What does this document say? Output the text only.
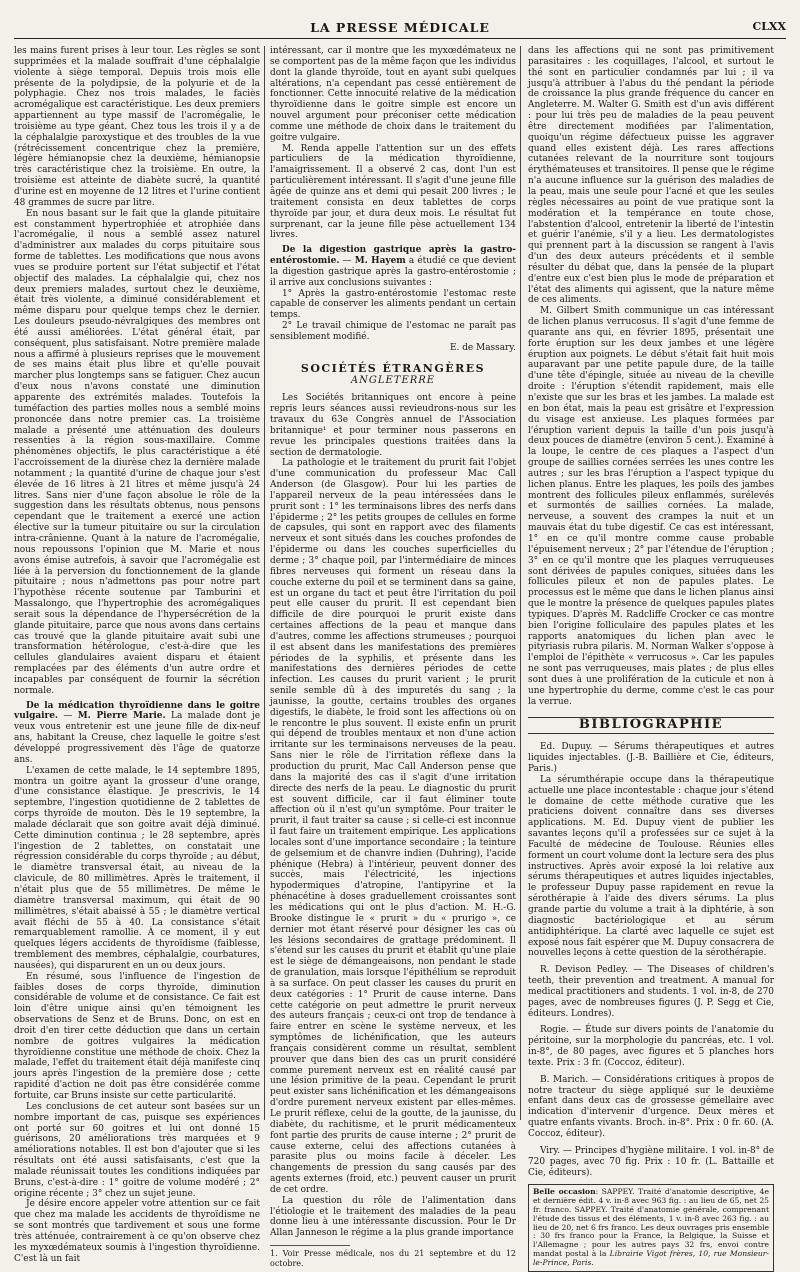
LA PRESSE MÉDICALE	CLXX

les mains furent prises à leur tour. Les règles se sont supprimées et la malade souffrait d'une céphalalgie violente à siège temporal. Depuis trois mois elle présente de la polydipsie, de la polyurie et de la polyphagie. Chez nos trois malades, le faciès acromégalique est caractéristique. Les deux premiers appartiennent au type massif de l'acromégalie, le troisième au type géant. Chez tous les trois il y a de la céphalalgie paroxystique et des troubles de la vue (rétrécissement concentrique chez la première, légère hémianopsie chez la deuxième, hémianopsie très caractéristique chez la troisième. En outre, la troisième est atteinte de diabète sucré, la quantité d'urine est en moyenne de 12 litres et l'urine contient 48 grammes de sucre par litre.

En nous basant sur le fait que la glande pituitaire est constamment hypertrophiée et atrophiée dans l'acromégalie, il nous a semblé assez naturel d'administrer aux malades du corps pituitaire sous forme de tablettes. Les modifications que nous avons vues se produire portent sur l'état subjectif et l'état objectif des malades. La céphalalgie qui, chez nos deux premiers malades, surtout chez le deuxième, était très violente, a diminué considérablement et même disparu pour quelque temps chez le dernier. Les douleurs pseudo-névralgiques des membres ont été aussi améliorées. L'état général était, par conséquent, plus satisfaisant. Notre première malade nous a affirmé à plusieurs reprises que le mouvement de ses mains était plus libre et qu'elle pouvait marcher plus longtemps sans se fatiguer. Chez aucun d'eux nous n'avons constaté une diminution apparente des extrémités malades. Toutefois la tuméfaction des parties molles nous a semblé moins prononcée dans notre premier cas. La troisième malade a présenté une atténuation des douleurs ressenties à la région sous-maxillaire. Comme phénomènes objectifs, le plus caractéristique a été l'accroissement de la diurèse chez la dernière malade notamment ; la quantité d'urine de chaque jour s'est élevée de 16 litres à 21 litres et même jusqu'à 24 litres. Sans nier d'une façon absolue le rôle de la suggestion dans les résultats obtenus, nous pensons cependant que le traitement a exercé une action élective sur la tumeur pituitaire ou sur la circulation intra-crânienne. Quant à la nature de l'acromégalie, nous repoussons l'opinion que M. Marie et nous avons émise autrefois, à savoir que l'acromégalie est liée à la perversion du fonctionnement de la glande pituitaire ; nous n'admettons pas pour notre part l'hypothèse récente soutenue par Tamburini et Massalongo, que l'hypertrophie des acromégaliques serait sous la dépendance de l'hypersécrétion de la glande pituitaire, parce que nous avons dans certains cas trouvé que la glande pituitaire avait subi une transformation hétérologue, c'est-à-dire que les cellules glandulaires avaient disparu et étaient remplacées par des éléments d'un autre ordre et incapables par conséquent de fournir la sécrétion normale.

De la médication thyroïdienne dans le goitre vulgaire. — M. Pierre Marie. La malade dont je veux vous entretenir est une jeune fille de dix-neuf ans, habitant la Creuse, chez laquelle le goitre s'est développé progressivement dès l'âge de quatorze ans.

L'examen de cette malade, le 14 septembre 1895, montra un goitre ayant la grosseur d'une orange, d'une consistance élastique. Je prescrivis, le 14 septembre, l'ingestion quotidienne de 2 tablettes de corps thyroïde de mouton. Dès le 19 septembre, la malade déclarait que son goitre avait déjà diminué. Cette diminution continua ; le 28 septembre, après l'ingestion de 2 tablettes, on constatait une régression considérable du corps thyroïde ; au début, le diamètre transversal était, au niveau de la clavicule, de 80 millimètres. Après le traitement, il n'était plus que de 55 millimètres. De même le diamètre transversal maximum, qui était de 90 millimètres, s'était abaissé à 55 ; le diamètre vertical avait fléchi de 55 à 40. La consistance s'était remarquablement ramollie. À ce moment, il y eut quelques légers accidents de thyroïdisme (faiblesse, tremblement des membres, céphalalgie, courbatures, nausées), qui disparurent en un ou deux jours.

En résumé, sous l'influence de l'ingestion de faibles doses de corps thyroïde, diminution considérable de volume et de consistance. Ce fait est loin d'être unique ainsi qu'en témoignent les observations de Senz et de Bruns. Donc, on est en droit d'en tirer cette déduction que dans un certain nombre de goitres vulgaires la médication thyroïdienne constitue une méthode de choix. Chez la malade, l'effet du traitement était déjà manifeste cinq jours après l'ingestion de la première dose ; cette rapidité d'action ne doit pas être considérée comme fortuite, car Bruns insiste sur cette particularité.

Les conclusions de cet auteur sont basées sur un nombre important de cas, puisque ses expériences ont porté sur 60 goitres et lui ont donné 15 guérisons, 20 améliorations très marquées et 9 améliorations notables. Il est bon d'ajouter que si les résultats ont été aussi satisfaisants, c'est que la malade réunissait toutes les conditions indiquées par Bruns, c'est-à-dire : 1° goitre de volume modéré ; 2° origine récente ; 3° chez un sujet jeune.

Je désire encore appeler votre attention sur ce fait que chez ma malade les accidents de thyroïdisme ne se sont montrés que tardivement et sous une forme très atténuée, contrairement à ce qu'on observe chez les myxœdémateux soumis à l'ingestion thyroïdienne. C'est là un fait

intéressant, car il montre que les myxœdémateux ne se comportent pas de la même façon que les individus dont la glande thyroïde, tout en ayant subi quelques altérations, n'a cependant pas cessé entièrement de fonctionner. Cette innocuité relative de la médication thyroïdienne dans le goitre simple est encore un nouvel argument pour préconiser cette médication comme une méthode de choix dans le traitement du goitre vulgaire.

M. Renda appelle l'attention sur un des effets particuliers de la médication thyroïdienne, l'amaigrissement. Il a observé 2 cas, dont l'un est particulièrement intéressant. Il s'agit d'une jeune fille âgée de quinze ans et demi qui pesait 200 livres ; le traitement consista en deux tablettes de corps thyroïde par jour, et dura deux mois. Le résultat fut surprenant, car la jeune fille pèse actuellement 134 livres.

De la digestion gastrique après la gastro-entérostomie. — M. Hayem a étudié ce que devient la digestion gastrique après la gastro-entérostomie ; il arrive aux conclusions suivantes :

1° Après la gastro-entérostomie l'estomac reste capable de conserver les aliments pendant un certain temps.

2° Le travail chimique de l'estomac ne paraît pas sensiblement modifié.

E. de Massary.

SOCIÉTÉS ÉTRANGÈRES
ANGLETERRE

Les Sociétés britanniques ont encore à peine repris leurs séances aussi revieudrons-nous sur les travaux du 63e Congrès annuel de l'Association britannique¹ et pour terminer nous passerons en revue les principales questions traitées dans la section de dermatologie.

La pathologie et le traitement du prurit fait l'objet d'une communication du professeur Mac Call Anderson (de Glasgow). Pour lui les parties de l'appareil nerveux de la peau intéressées dans le prurit sont : 1° les terminaisons libres des nerfs dans l'épiderme ; 2° les petits groupes de cellules en forme de capsules, qui sont en rapport avec des filaments nerveux et sont situés dans les couches profondes de l'épiderme ou dans les couches superficielles du derme ; 3° chaque poil, par l'intermédiaire de minces fibres nerveuses qui forment un réseau dans la couche externe du poil et se terminent dans sa gaine, est un organe du tact et peut être l'irritation du poil peut elle causer du prurit. Il est cependant bien difficile de dire pourquoi le prurit existe dans certaines affections de la peau et manque dans d'autres, comme les affections strumeuses ; pourquoi il est absent dans les manifestations des premières périodes de la syphilis, et présente dans les manifestations des dernières périodes de cette infection. Les causes du prurit varient ; le prurit senile semble dû à des impuretés du sang ; la jaunisse, la goutte, certains troubles des organes digestifs, le diabète, le froid sont les affections où on le rencontre le plus souvent. Il existe enfin un prurit qui dépend de troubles mentaux et non d'une action irritante sur les terminaisons nerveuses de la peau. Sans nier le rôle de l'irritation réflexe dans la production du prurit, Mac Call Anderson pense que dans la majorité des cas il s'agit d'une irritation directe des nerfs de la peau. Le diagnostic du prurit est souvent difficile, car il faut éliminer toute affection où il n'est qu'un symptôme. Pour traiter le prurit, il faut traiter sa cause ; si celle-ci est inconnue il faut faire un traitement empirique. Les applications locales sont d'une importance secondaire ; la teinture de gelsemium et de chanvre indien (Duhring), l'acide phénique (Hebra) à l'intérieur, peuvent donner des succès, mais l'électricité, les injections hypodermiques d'atropine, l'antipyrine et la phénacétine à doses graduellement croissantes sont les médications qui ont le plus d'action. M. H.-G. Brooke distingue le « prurit » du « prurigo », ce dernier mot étant réservé pour désigner les cas où les lésions secondaires de grattage prédominent. Il s'étend sur les causes du prurit et établit qu'une plaie est le siège de démangeaisons, non pendant le stade de granulation, mais lorsque l'épithélium se reproduit à sa surface. On peut classer les causes du prurit en deux catégories : 1° Prurit de cause interne. Dans cette catégorie on peut admettre le prurit nerveux des auteurs français ; ceux-ci ont trop de tendance à faire entrer en scène le système nerveux, et les symptômes de lichénification, que les auteurs français considèrent comme un résultat, semblent prouver que dans bien des cas un prurit considéré comme purement nerveux est en réalité causé par une lésion primitive de la peau. Cependant le prurit peut exister sans lichénification et les démangeaisons d'ordre purement nerveux existent par elles-mêmes. Le prurit réflexe, celui de la goutte, de la jaunisse, du diabète, du rachitisme, et le prurit médicamenteux font partie des prurits de cause interne ; 2° prurit de cause externe, celui des affections cutanées à parasite plus ou moins facile à déceler. Les changements de pression du sang causés par des agents externes (froid, etc.) peuvent causer un prurit de cet ordre.

La question du rôle de l'alimentation dans l'étiologie et le traitement des maladies de la peau donne lieu à une intéressante discussion. Pour le Dr Allan Janneson le régime a la plus grande importance

1. Voir Presse médicale, nos du 21 septembre et du 12 octobre.

dans les affections qui ne sont pas primitivement parasitaires : les coquillages, l'alcool, et surtout le thé sont en particulier condamnés par lui ; il va jusqu'à attribuer à l'abus du thé pendant la période de croissance la plus grande fréquence du cancer en Angleterre. M. Walter G. Smith est d'un avis différent : pour lui très peu de maladies de la peau peuvent être directement modifiées par l'alimentation, quoiqu'un régime défectueux puisse les aggraver quand elles existent déjà. Les rares affections cutanées relevant de la nourriture sont toujours érythémateuses et transitoires. Il pense que le régime n'a aucune influence sur la guérison des maladies de la peau, mais une seule pour l'acné et que les seules règles nécessaires au point de vue pratique sont la modération et la tempérance en toute chose, l'abstention d'alcool, entretenir la liberté de l'intestin et guérir l'anémie, s'il y a lieu. Les dermatologistes qui prennent part à la discussion se rangent à l'avis d'un des deux auteurs précédents et il semble résulter du débat que, dans la pensée de la plupart d'entre eux c'est bien plus le mode de préparation et l'état des aliments qui agissent, que la nature même de ces aliments.

M. Gilbert Smith communique un cas intéressant de lichen planus verrucosus. Il s'agit d'une femme de quarante ans qui, en février 1895, présentait une forte éruption sur les deux jambes et une légère éruption aux poignets. Le début s'était fait huit mois auparavant par une petite papule dure, de la taille d'une tête d'épingle, située au niveau de la cheville droite : l'éruption s'étendit rapidement, mais elle n'existe que sur les bras et les jambes. La malade est en bon état, mais la peau est grisâtre et l'expression du visage est anxieuse. Les plaques formées par l'éruption varient depuis la taille d'un pois jusqu'à deux pouces de diamètre (environ 5 cent.). Examiné à la loupe, le centre de ces plaques a l'aspect d'un groupe de saillies cornées serrées les unes contre les autres ; sur les bras l'éruption a l'aspect typique du lichen planus. Entre les plaques, les poils des jambes montrent des follicules pileux enflammés, surélevés et surmontés de saillies cornées. La malade, nerveuse, a souvent des crampes la nuit et un mauvais état du tube digestif. Ce cas est intéressant, 1° en ce qu'il montre comme cause probable l'épuisement nerveux ; 2° par l'étendue de l'éruption ; 3° en ce qu'il montre que les plaques verruqueuses sont dérivées de papules coniques, situées dans les follicules pileux et non de papules plates. Le processus est le même que dans le lichen planus ainsi que le montre la présence de quelques papules plates typiques. D'après M. Radcliffe Crocker ce cas montre bien l'origine folliculaire des papules plates et les rapports anatomiques du lichen plan avec le pityriasis rubra pilaris. M. Norman Walker s'oppose à l'emploi de l'épithète « verrucosus ». Car les papules ne sont pas verruqueuses, mais plates ; de plus elles sont dues à une prolifération de la cuticule et non à une hypertrophie du derme, comme c'est le cas pour la verrue.

BIBLIOGRAPHIE

Ed. Dupuy. — Sérums thérapeutiques et autres liquides injectables. (J.-B. Baillière et Cie, éditeurs, Paris.)

La sérumthérapie occupe dans la thérapeutique actuelle une place incontestable : chaque jour s'étend le domaine de cette méthode curative que les praticiens doivent connaître dans ses diverses applications. M. Ed. Dupuy vient de publier les savantes leçons qu'il a professées sur ce sujet à la Faculté de médecine de Toulouse. Réunies elles forment un court volume dont la lecture sera des plus instructives. Après avoir exposé la loi relative aux sérums thérapeutiques et autres liquides injectables, le professeur Dupuy passe rapidement en revue la sérothérapie à l'aide des divers sérums. La plus grande partie du volume a trait à la diphtérie, à son diagnostic bactériologique et au sérum antidiphtérique. La clarté avec laquelle ce sujet est exposé nous fait espérer que M. Dupuy consacrera de nouvelles leçons à cette question de la sérothérapie.

R. Devison Pedley. — The Diseases of children's teeth, their prevention and treatment. A manual for medical practitioners and students. 1 vol. in-8, de 270 pages, avec de nombreuses figures (J. P. Segg et Cie, éditeurs. Londres).

Rogie. — Étude sur divers points de l'anatomie du péritoine, sur la morphologie du pancréas, etc. 1 vol. in-8°, de 80 pages, avec figures et 5 planches hors texte. Prix : 3 fr. (Coccoz, éditeur).

B. Marich. — Considérations critiques à propos de notre tracteur du siège appliqué sur le deuxième enfant dans deux cas de grossesse gémellaire avec indication d'intervenir d'urgence. Deux mères et quatre enfants vivants. Broch. in-8°. Prix : 0 fr. 60. (A. Coccoz, éditeur).

Viry. — Principes d'hygiène militaire. 1 vol. in-8° de 720 pages, avec 70 fig. Prix : 10 fr. (L. Battaille et Cie, éditeurs).

Belle occasion: SAPPEY. Traité d'anatomie descriptive, 4e et dernière édit. 4 v. in-8 avec 963 fig. : au lieu de 65, net 25 fr. franco. SAPPEY. Traité d'anatomie générale, comprenant l'étude des tissus et des éléments, 1 v. in-8 avec 263 fig. : au lieu de 20, net 6 frs franco. Les deux ouvrages pris ensemble : 30 frs franco pour la France, la Belgique, la Suisse et l'Allemagne ; pour les autres pays 32 frs, envoi contre mandat postal à la Librairie Vigot frères, 10, rue Monsieur-le-Prince, Paris.
